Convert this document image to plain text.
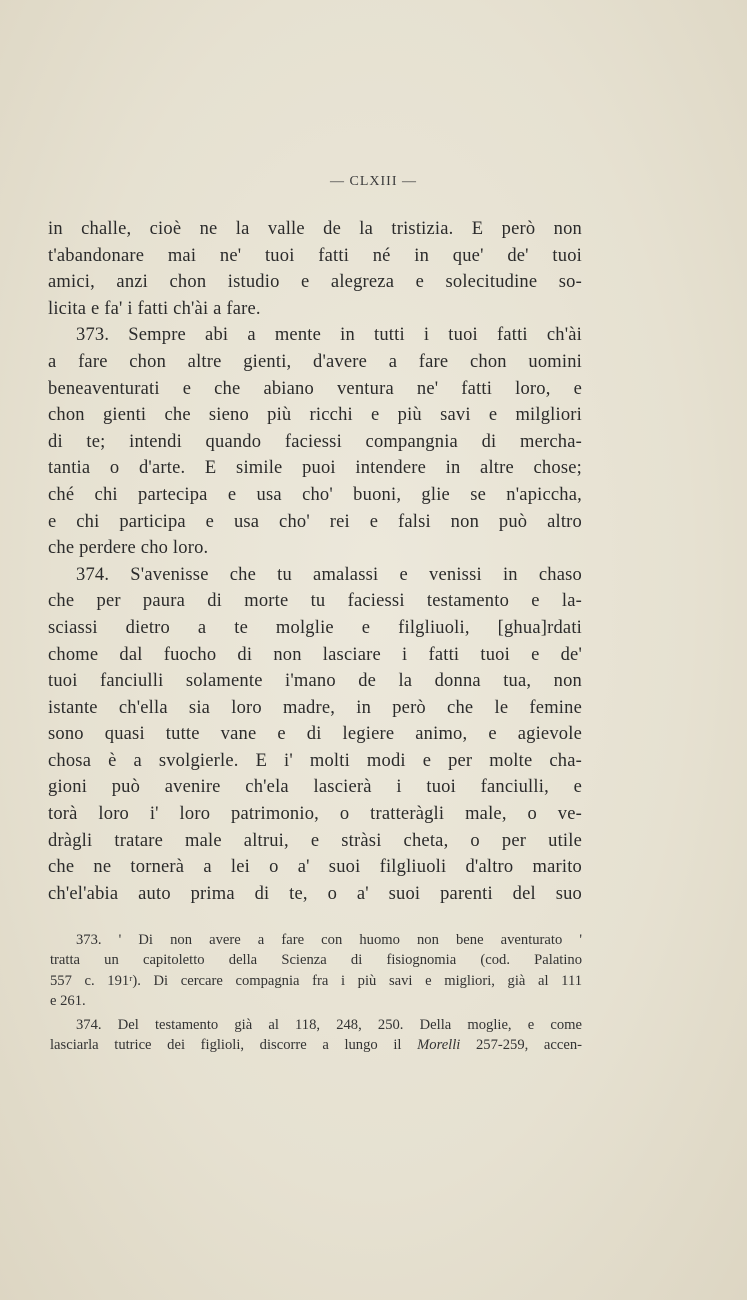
— CLXIII —
in challe, cioè ne la valle de la tristizia. E però non
t'abandonare mai ne' tuoi fatti né in que' de' tuoi
amici, anzi chon istudio e alegreza e solecitudine so-
licita e fa' i fatti ch'ài a fare.
373. Sempre abi a mente in tutti i tuoi fatti ch'ài
a fare chon altre gienti, d'avere a fare chon uomini
beneaventurati e che abiano ventura ne' fatti loro, e
chon gienti che sieno più ricchi e più savi e milgliori
di te; intendi quando faciessi compangnia di mercha-
tantia o d'arte. E simile puoi intendere in altre chose;
ché chi partecipa e usa cho' buoni, glie se n'apiccha,
e chi participa e usa cho' rei e falsi non può altro
che perdere cho loro.
374. S'avenisse che tu amalassi e venissi in chaso
che per paura di morte tu faciessi testamento e la-
sciassi dietro a te molglie e filgliuoli, [ghua]rdati
chome dal fuocho di non lasciare i fatti tuoi e de'
tuoi fanciulli solamente i'mano de la donna tua, non
istante ch'ella sia loro madre, in però che le femine
sono quasi tutte vane e di legiere animo, e agievole
chosa è a svolgierle. E i' molti modi e per molte cha-
gioni può avenire ch'ela lascierà i tuoi fanciulli, e
torà loro i' loro patrimonio, o tratteràgli male, o ve-
dràgli tratare male altrui, e stràsi cheta, o per utile
che ne tornerà a lei o a' suoi filgliuoli d'altro marito
ch'el'abia auto prima di te, o a' suoi parenti del suo
373. ' Di non avere a fare con huomo non bene aventurato '
tratta un capitoletto della Scienza di fisiognomia (cod. Palatino
557 c. 191ʳ). Di cercare compagnia fra i più savi e migliori, già al 111
e 261.
374. Del testamento già al 118, 248, 250. Della moglie, e come
lasciarla tutrice dei figlioli, discorre a lungo il Morelli 257-259, accen-
